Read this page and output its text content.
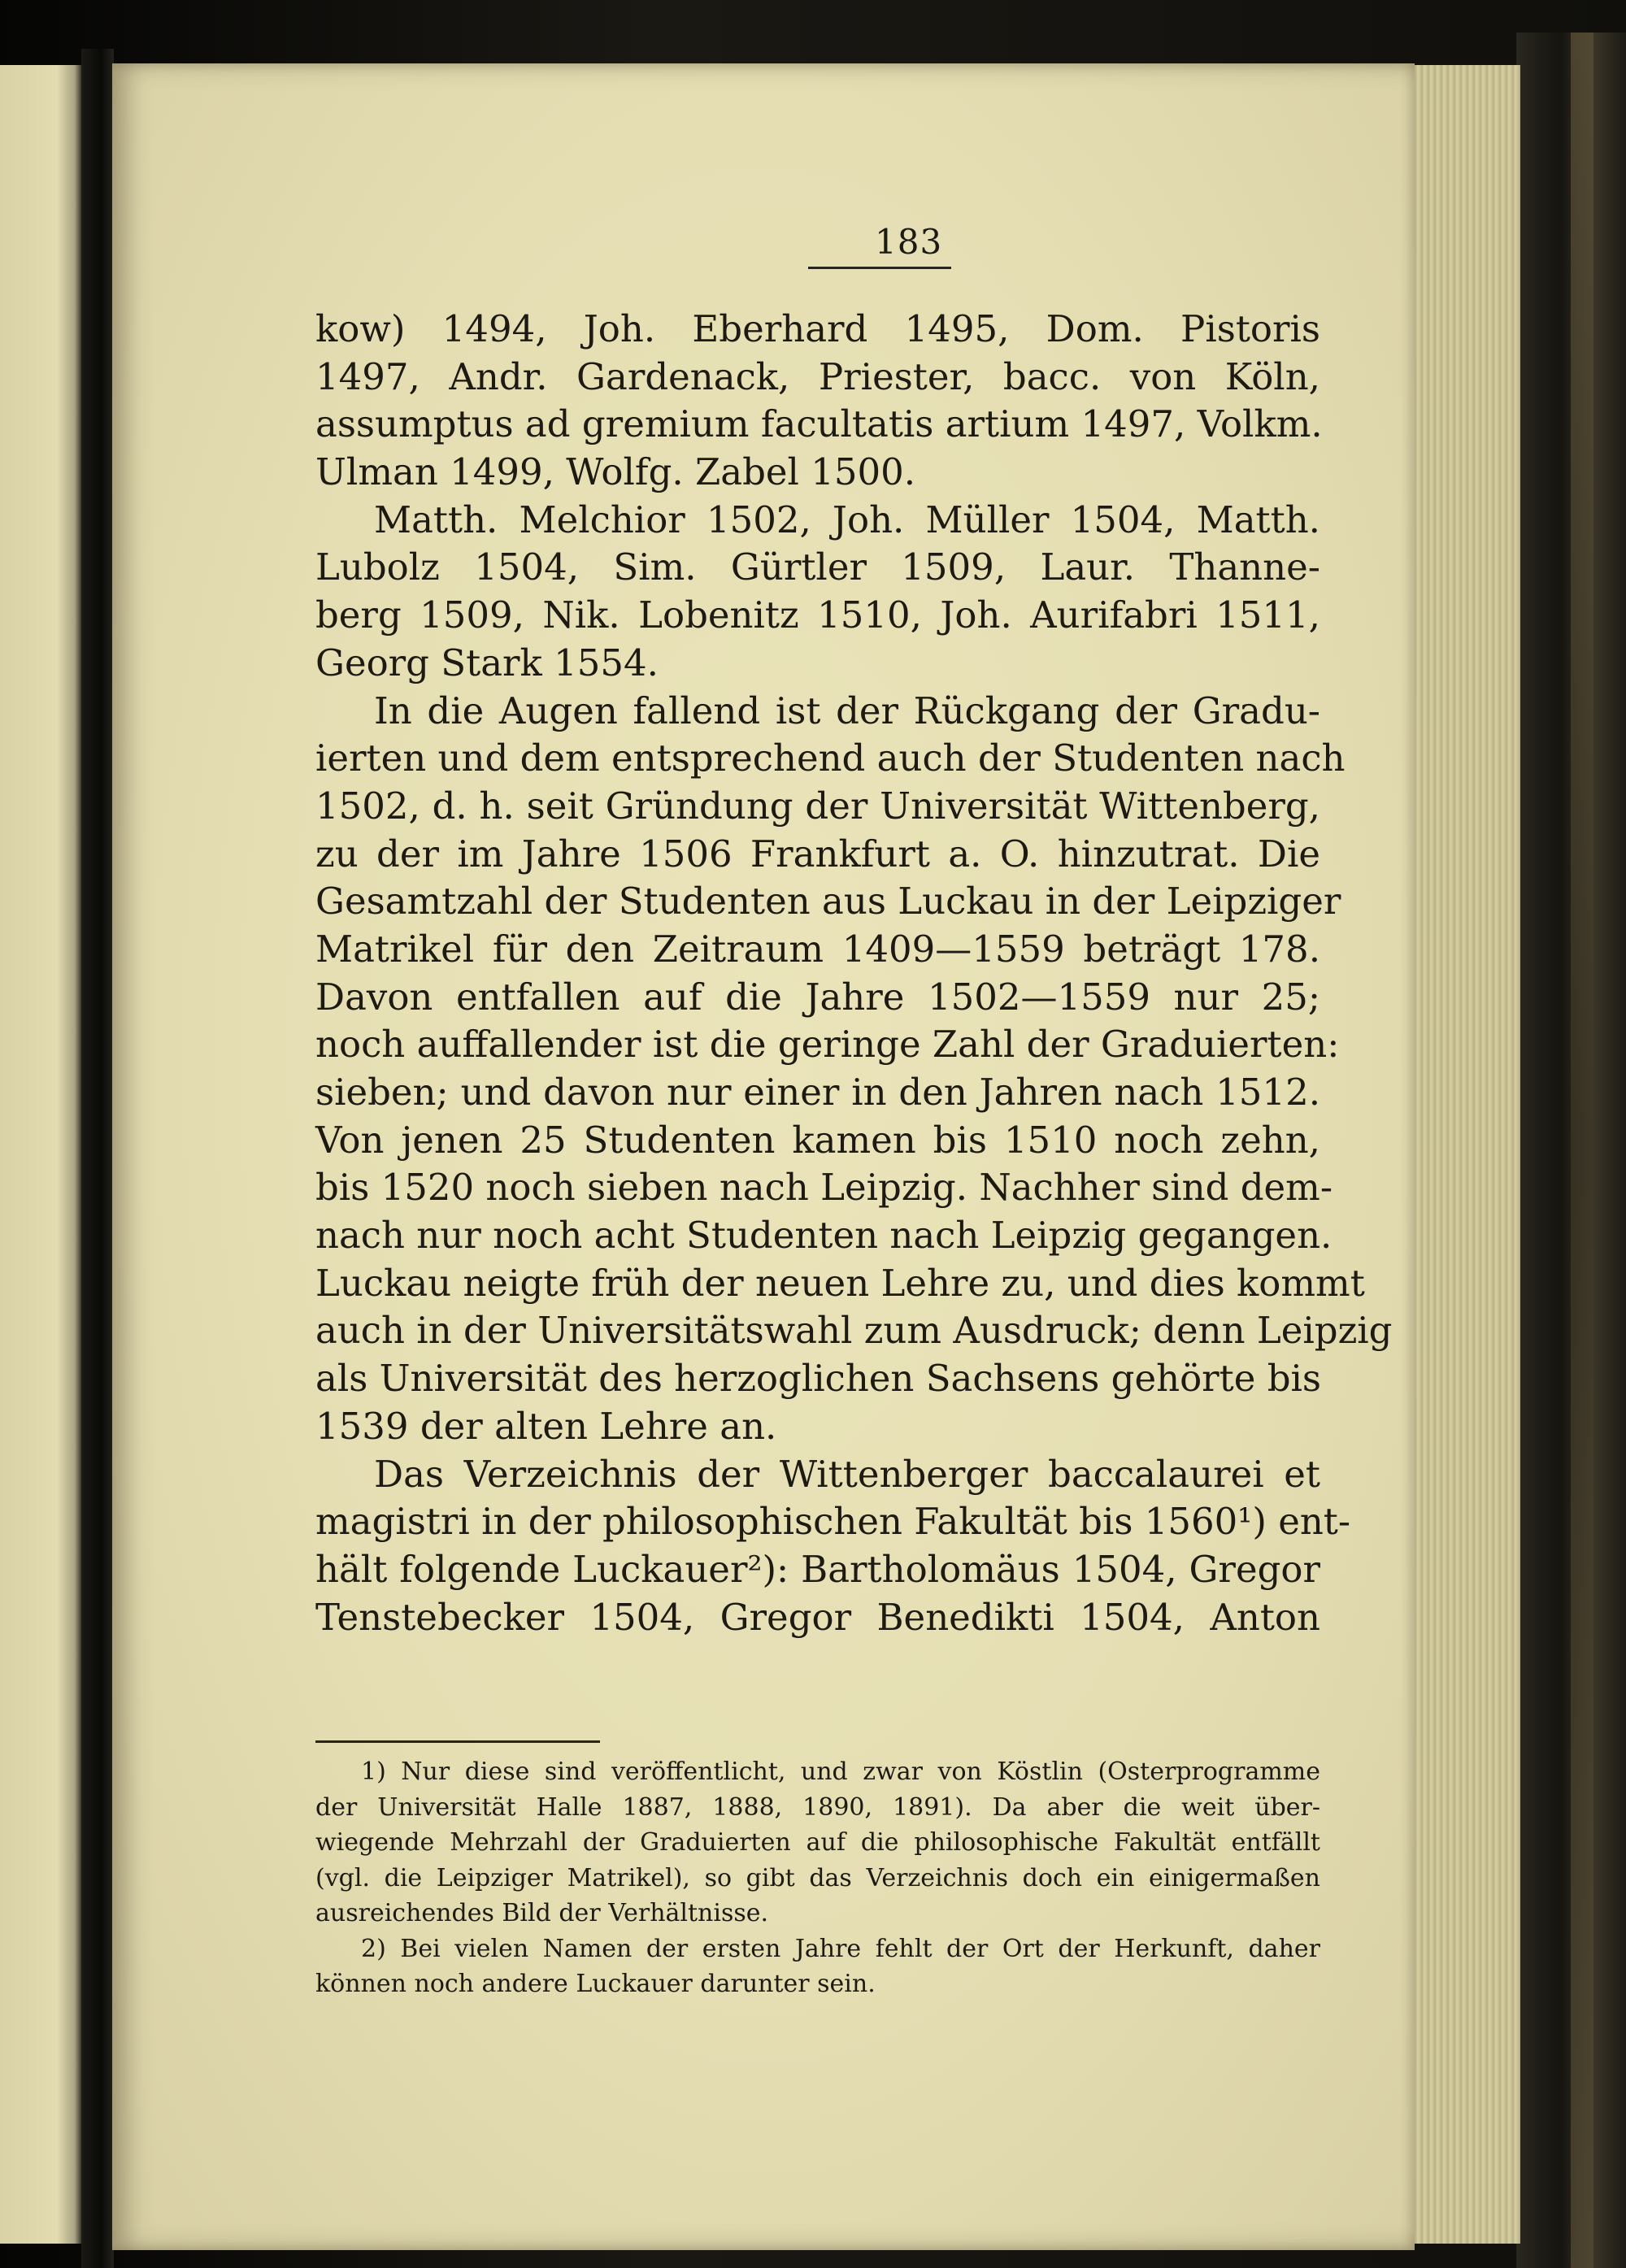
183
kow) 1494, Joh. Eberhard 1495, Dom. Pistoris
1497, Andr. Gardenack, Priester, bacc. von Köln,
assumptus ad gremium facultatis artium 1497, Volkm.
Ulman 1499, Wolfg. Zabel 1500.
Matth. Melchior 1502, Joh. Müller 1504, Matth.
Lubolz 1504, Sim. Gürtler 1509, Laur. Thanne-
berg 1509, Nik. Lobenitz 1510, Joh. Aurifabri 1511,
Georg Stark 1554.
In die Augen fallend ist der Rückgang der Gradu-
ierten und dem entsprechend auch der Studenten nach
1502, d. h. seit Gründung der Universität Wittenberg,
zu der im Jahre 1506 Frankfurt a. O. hinzutrat. Die
Gesamtzahl der Studenten aus Luckau in der Leipziger
Matrikel für den Zeitraum 1409—1559 beträgt 178.
Davon entfallen auf die Jahre 1502—1559 nur 25;
noch auffallender ist die geringe Zahl der Graduierten:
sieben; und davon nur einer in den Jahren nach 1512.
Von jenen 25 Studenten kamen bis 1510 noch zehn,
bis 1520 noch sieben nach Leipzig. Nachher sind dem-
nach nur noch acht Studenten nach Leipzig gegangen.
Luckau neigte früh der neuen Lehre zu, und dies kommt
auch in der Universitätswahl zum Ausdruck; denn Leipzig
als Universität des herzoglichen Sachsens gehörte bis
1539 der alten Lehre an.
Das Verzeichnis der Wittenberger baccalaurei et
magistri in der philosophischen Fakultät bis 1560¹) ent-
hält folgende Luckauer²): Bartholomäus 1504, Gregor
Tenstebecker 1504, Gregor Benedikti 1504, Anton
1) Nur diese sind veröffentlicht, und zwar von Köstlin (Osterprogramme
der Universität Halle 1887, 1888, 1890, 1891). Da aber die weit über-
wiegende Mehrzahl der Graduierten auf die philosophische Fakultät entfällt
(vgl. die Leipziger Matrikel), so gibt das Verzeichnis doch ein einigermaßen
ausreichendes Bild der Verhältnisse.
2) Bei vielen Namen der ersten Jahre fehlt der Ort der Herkunft, daher
können noch andere Luckauer darunter sein.
